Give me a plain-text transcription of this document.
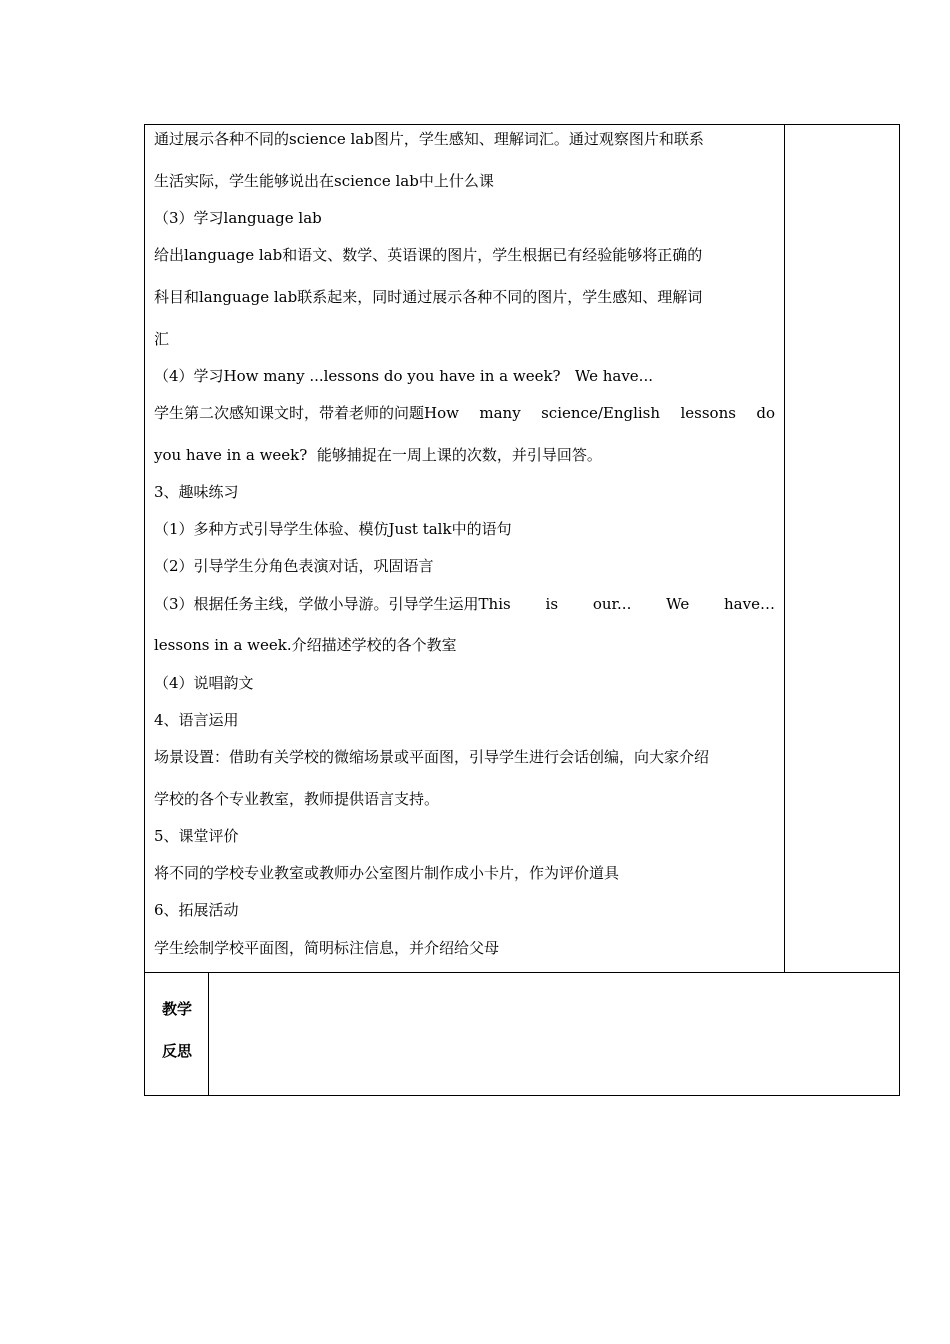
通过展示各种不同的science lab图片，学生感知、理解词汇。通过观察图片和联系
生活实际，学生能够说出在science lab中上什么课
（3）学习language lab
给出language lab和语文、数学、英语课的图片，学生根据已有经验能够将正确的
科目和language lab联系起来，同时通过展示各种不同的图片，学生感知、理解词
汇
（4）学习How many ...lessons do you have in a week?   We have...
学生第二次感知课文时，带着老师的问题How many science/English lessons do
you have in a week?  能够捕捉在一周上课的次数，并引导回答。
3、趣味练习
（1）多种方式引导学生体验、模仿Just talk中的语句
（2）引导学生分角色表演对话，巩固语言
（3）根据任务主线，学做小导游。引导学生运用This is our... We have…
lessons in a week.介绍描述学校的各个教室
（4）说唱韵文
4、语言运用
场景设置：借助有关学校的微缩场景或平面图，引导学生进行会话创编，向大家介绍
学校的各个专业教室，教师提供语言支持。
5、课堂评价
将不同的学校专业教室或教师办公室图片制作成小卡片，作为评价道具
6、拓展活动
学生绘制学校平面图，简明标注信息，并介绍给父母
教学
反思
